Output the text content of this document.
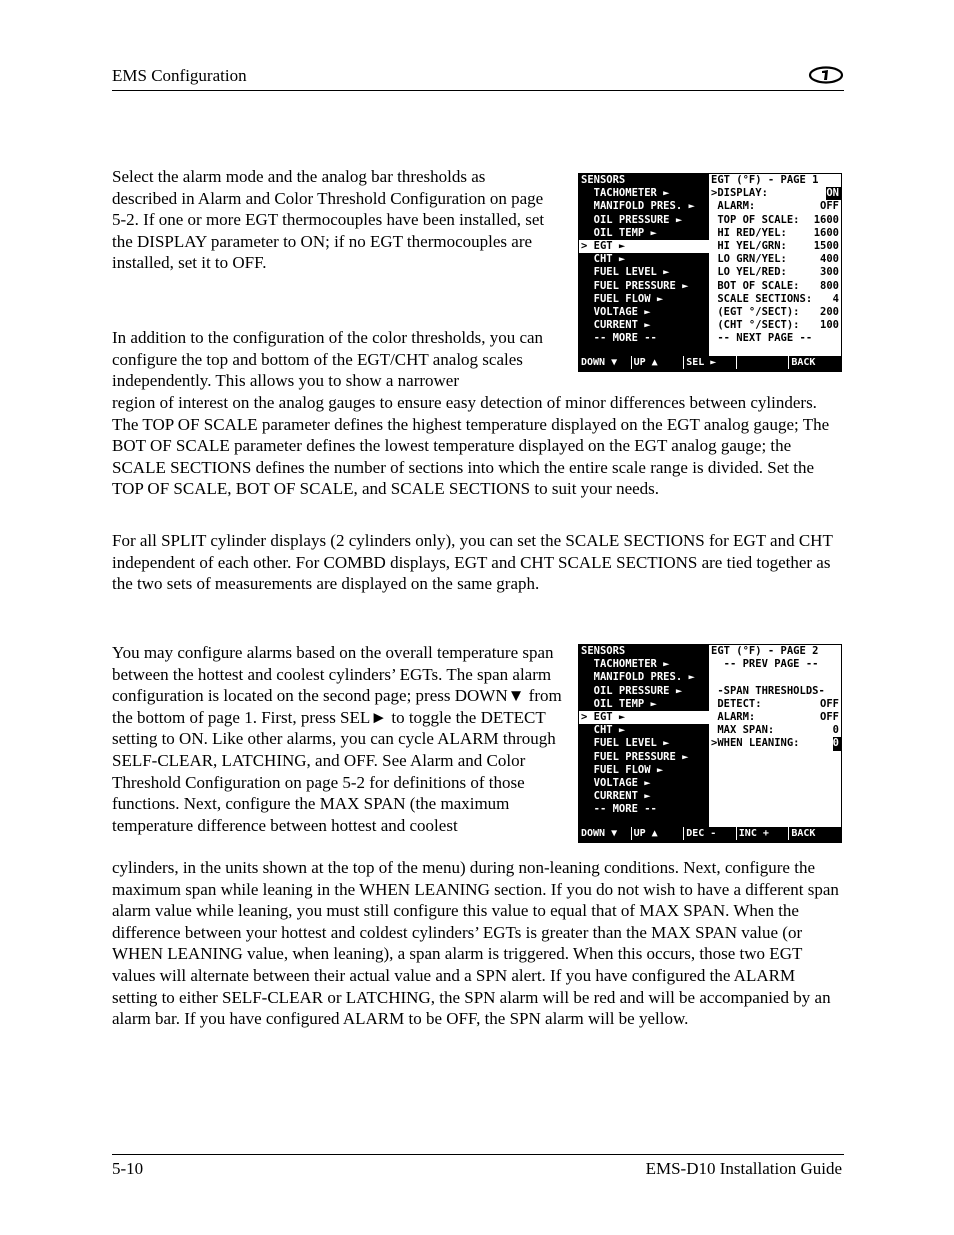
EMS Configuration

Select the alarm mode and the analog bar thresholds as described in Alarm and Color Threshold Configuration on page 5-2. If one or more EGT thermocouples have been installed, set the DISPLAY parameter to ON; if no EGT thermocouples are installed, set it to OFF.

In addition to the configuration of the color thresholds, you can configure the top and bottom of the EGT/CHT analog scales independently. This allows you to show a narrower

region of interest on the analog gauges to ensure easy detection of minor differences between cylinders. The TOP OF SCALE parameter defines the highest temperature displayed on the EGT analog gauge; The BOT OF SCALE parameter defines the lowest temperature displayed on the EGT analog gauge; the SCALE SECTIONS defines the number of sections into which the entire scale range is divided. Set the TOP OF SCALE, BOT OF SCALE, and SCALE SECTIONS to suit your needs.

For all SPLIT cylinder displays (2 cylinders only), you can set the SCALE SECTIONS for EGT and CHT independent of each other. For COMBD displays, EGT and CHT SCALE SECTIONS are tied together as the two sets of measurements are displayed on the same graph.

You may configure alarms based on the overall temperature span between the hottest and coolest cylinders’ EGTs. The span alarm configuration is located on the second page; press DOWN▼ from the bottom of page 1. First, press SEL► to toggle the DETECT setting to ON. Like other alarms, you can cycle ALARM through SELF-CLEAR, LATCHING, and OFF. See Alarm and Color Threshold Configuration on page 5-2 for definitions of those functions. Next, configure the MAX SPAN (the maximum temperature difference between hottest and coolest

cylinders, in the units shown at the top of the menu) during non-leaning conditions. Next, configure the maximum span while leaning in the WHEN LEANING section. If you do not wish to have a different span alarm value while leaning, you must still configure this value to equal that of MAX SPAN. When the difference between your hottest and coldest cylinders’ EGTs is greater than the MAX SPAN value (or WHEN LEANING value, when leaning), a span alarm is triggered. When this occurs, those two EGT values will alternate between their actual value and a SPN alert. If you have configured the ALARM setting to either SELF-CLEAR or LATCHING, the SPN alarm will be red and will be accompanied by an alarm bar. If you have configured ALARM to be OFF, the SPN alarm will be yellow.

SENSORS
TACHOMETER ►
MANIFOLD PRES. ►
OIL PRESSURE ►
OIL TEMP ►
> EGT ►
CHT ►
FUEL LEVEL ►
FUEL PRESSURE ►
FUEL FLOW ►
VOLTAGE ►
CURRENT ►
-- MORE --
EGT (°F) - PAGE 1
>DISPLAY:	ON
ALARM:	OFF
TOP OF SCALE:	1600
HI RED/YEL:	1600
HI YEL/GRN:	1500
LO GRN/YEL:	400
LO YEL/RED:	300
BOT OF SCALE:	800
SCALE SECTIONS:	4
(EGT °/SECT):	200
(CHT °/SECT):	100
-- NEXT PAGE --
DOWN ▼	UP ▲	SEL ►	BACK
SENSORS
TACHOMETER ►
MANIFOLD PRES. ►
OIL PRESSURE ►
OIL TEMP ►
> EGT ►
CHT ►
FUEL LEVEL ►
FUEL PRESSURE ►
FUEL FLOW ►
VOLTAGE ►
CURRENT ►
-- MORE --
EGT (°F) - PAGE 2
-- PREV PAGE --

-SPAN THRESHOLDS-
DETECT:	OFF
ALARM:	OFF
MAX SPAN:	0
>WHEN LEANING:	0
DOWN ▼	UP ▲	DEC -	INC +	BACK
5-10	EMS-D10 Installation Guide
